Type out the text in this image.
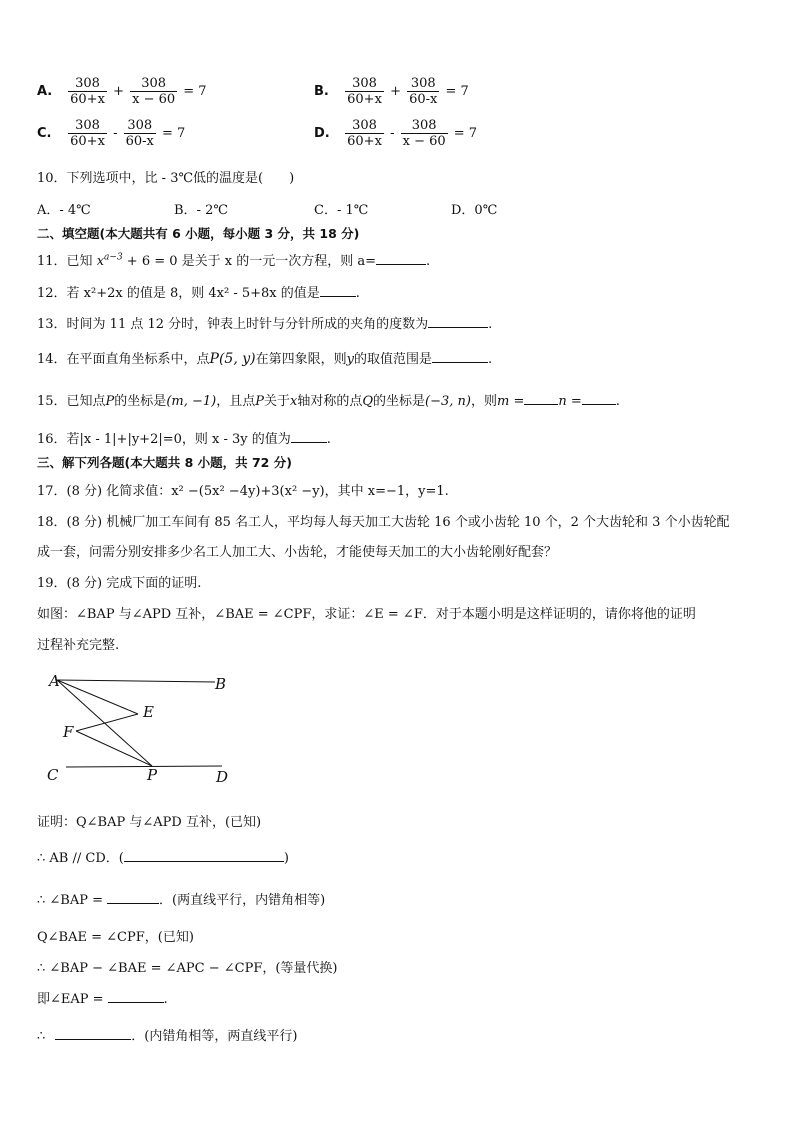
A. $\frac{308}{60+x} + \frac{308}{x - 60} = 7$	B. $\frac{308}{60+x} + \frac{308}{60-x} = 7$
C. $\frac{308}{60+x} - \frac{308}{60-x} = 7$	D. $\frac{308}{60+x} - \frac{308}{x - 60} = 7$
10．下列选项中，比 - 3℃低的温度是(　　)
A．- 4℃	B．- 2℃	C．- 1℃	D．0℃
二、填空题(本大题共有 6 小题，每小题 3 分，共 18 分)
11．已知 $x^{a-3} + 6 = 0$ 是关于 x 的一元一次方程，则 a=	.
12．若 x²+2x 的值是 8，则 4x² - 5+8x 的值是	.
13．时间为 11 点 12 分时，钟表上时针与分针所成的夹角的度数为	.
14．在平面直角坐标系中，点P(5, y)在第四象限，则y的取值范围是	.
15．已知点P的坐标是(m, −1)，且点P关于x轴对称的点Q的坐标是(−3, n)，则m =	n =	.
16．若|x - 1|+|y+2|=0，则 x - 3y 的值为	.
三、解下列各题(本大题共 8 小题，共 72 分)
17．(8 分) 化简求值：x² −(5x² −4y)+3(x² −y)，其中 x=−1，y=1.
18．(8 分) 机械厂加工车间有 85 名工人，平均每人每天加工大齿轮 16 个或小齿轮 10 个，2 个大齿轮和 3 个小齿轮配
成一套，问需分别安排多少名工人加工大、小齿轮，才能使每天加工的大小齿轮刚好配套？
19．(8 分) 完成下面的证明.
如图：∠BAP 与∠APD 互补，∠BAE = ∠CPF，求证：∠E = ∠F．对于本题小明是这样证明的，请你将他的证明
过程补充完整.
A	B
E
F
C	P	D
证明：Q∠BAP 与∠APD 互补，(已知)
∴ AB // CD．(	)
∴ ∠BAP =	．(两直线平行，内错角相等)
Q∠BAE = ∠CPF，(已知)
∴ ∠BAP − ∠BAE = ∠APC − ∠CPF，(等量代换)
即∠EAP =	.
∴	．(内错角相等，两直线平行)
